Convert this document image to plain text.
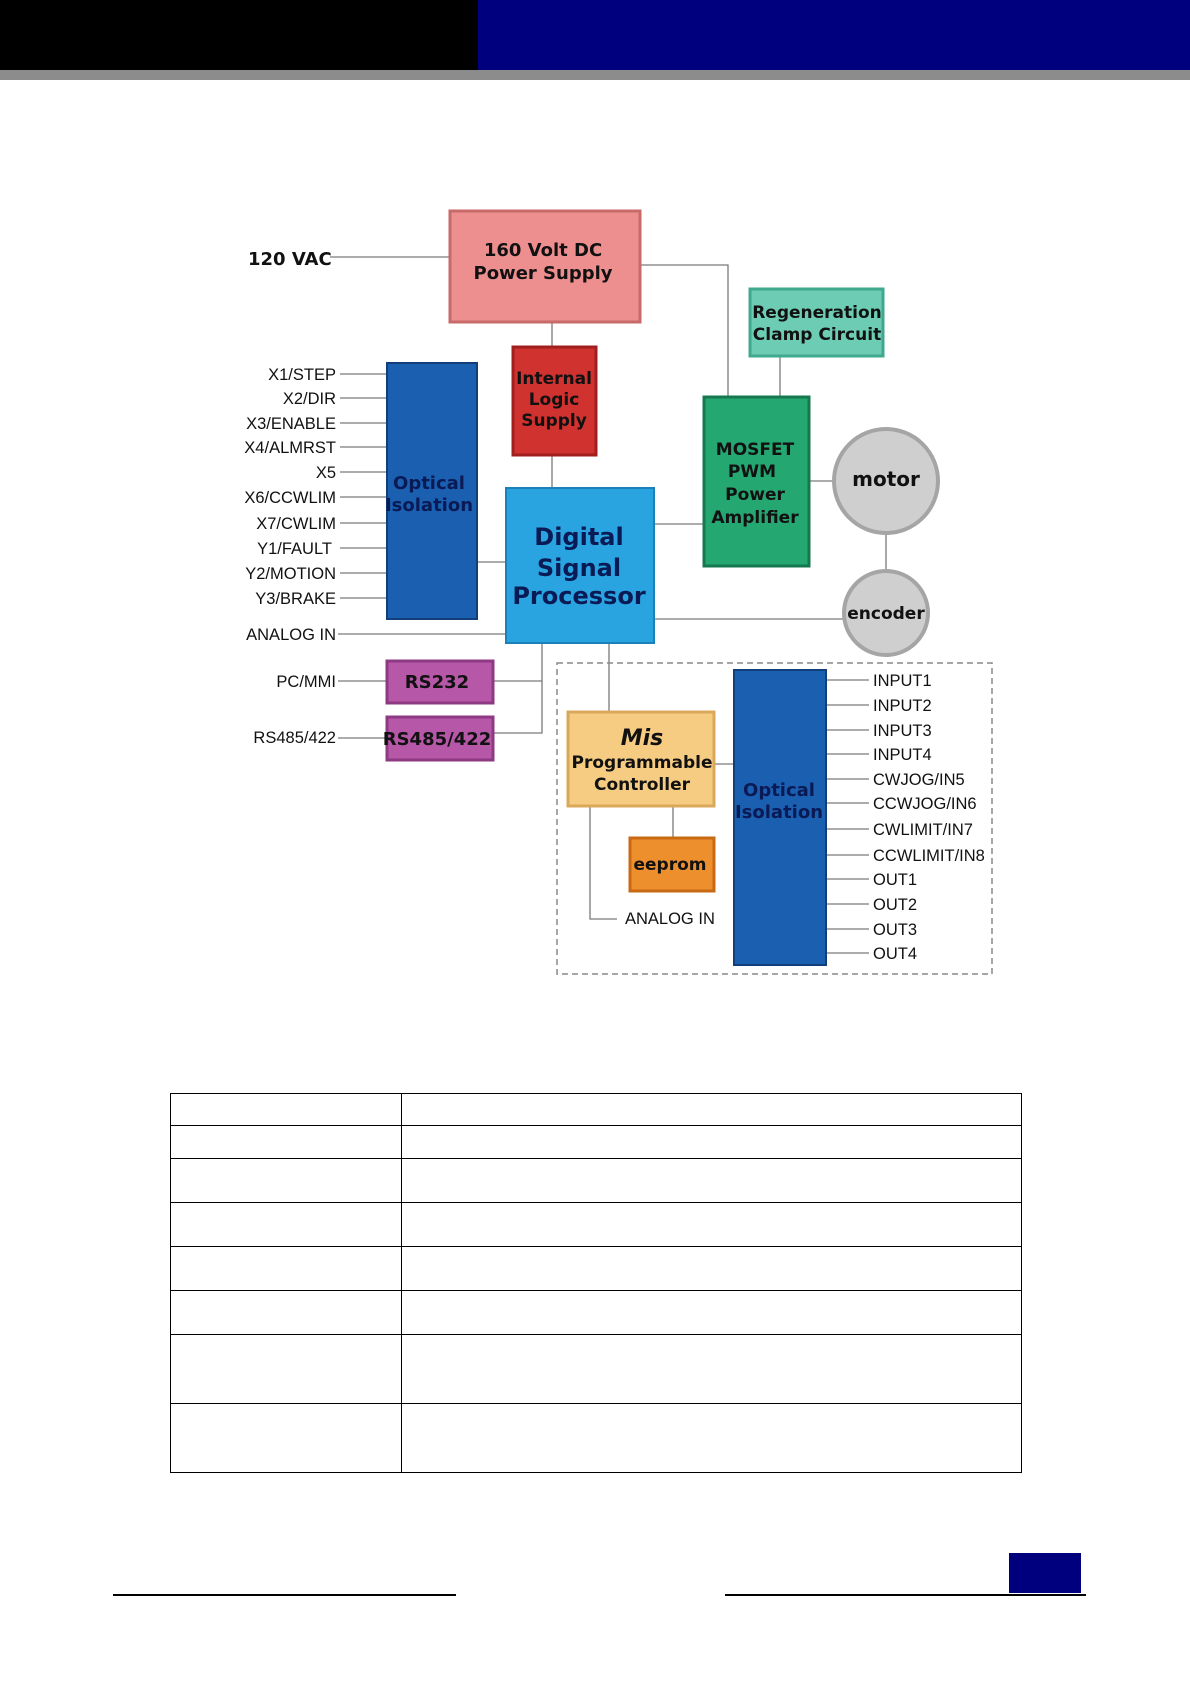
160 Volt DC
Power Supply
Internal
Logic
Supply
Regeneration
Clamp Circuit
MOSFET
PWM
Power
Amplifier
motor
encoder
Digital
Signal
Processor
Optical
Isolation
RS232
RS485/422	Mis
Programmable
Controller
eeprom
Optical
Isolation
120 VAC
X1/STEP
X2/DIR
X3/ENABLE
X4/ALMRST
X5
X6/CCWLIM
X7/CWLIM
Y1/FAULT
Y2/MOTION
Y3/BRAKE
ANALOG IN
PC/MMI
RS485/422
ANALOG IN
INPUT1
INPUT2
INPUT3
INPUT4
CWJOG/IN5
CCWJOG/IN6
CWLIMIT/IN7
CCWLIMIT/IN8
OUT1
OUT2
OUT3
OUT4
